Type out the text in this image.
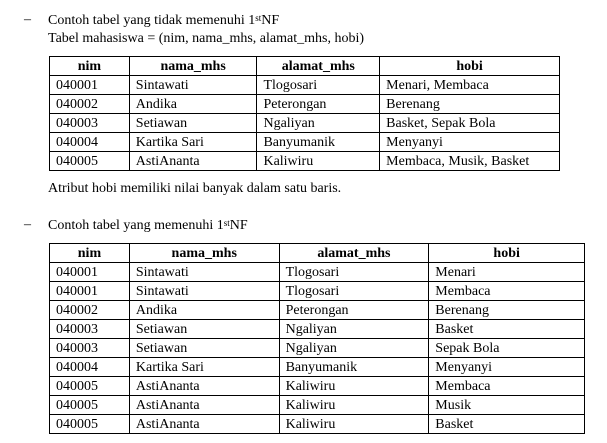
– Contoh tabel yang tidak memenuhi 1stNF
Tabel mahasiswa = (nim, nama_mhs, alamat_mhs, hobi)
nim	nama_mhs	alamat_mhs	hobi
040001	Sintawati	Tlogosari	Menari, Membaca
040002	Andika	Peterongan	Berenang
040003	Setiawan	Ngaliyan	Basket, Sepak Bola
040004	Kartika Sari	Banyumanik	Menyanyi
040005	AstiAnanta	Kaliwiru	Membaca, Musik, Basket
Atribut hobi memiliki nilai banyak dalam satu baris.
– Contoh tabel yang memenuhi 1stNF
nim	nama_mhs	alamat_mhs	hobi
040001	Sintawati	Tlogosari	Menari
040001	Sintawati	Tlogosari	Membaca
040002	Andika	Peterongan	Berenang
040003	Setiawan	Ngaliyan	Basket
040003	Setiawan	Ngaliyan	Sepak Bola
040004	Kartika Sari	Banyumanik	Menyanyi
040005	AstiAnanta	Kaliwiru	Membaca
040005	AstiAnanta	Kaliwiru	Musik
040005	AstiAnanta	Kaliwiru	Basket
